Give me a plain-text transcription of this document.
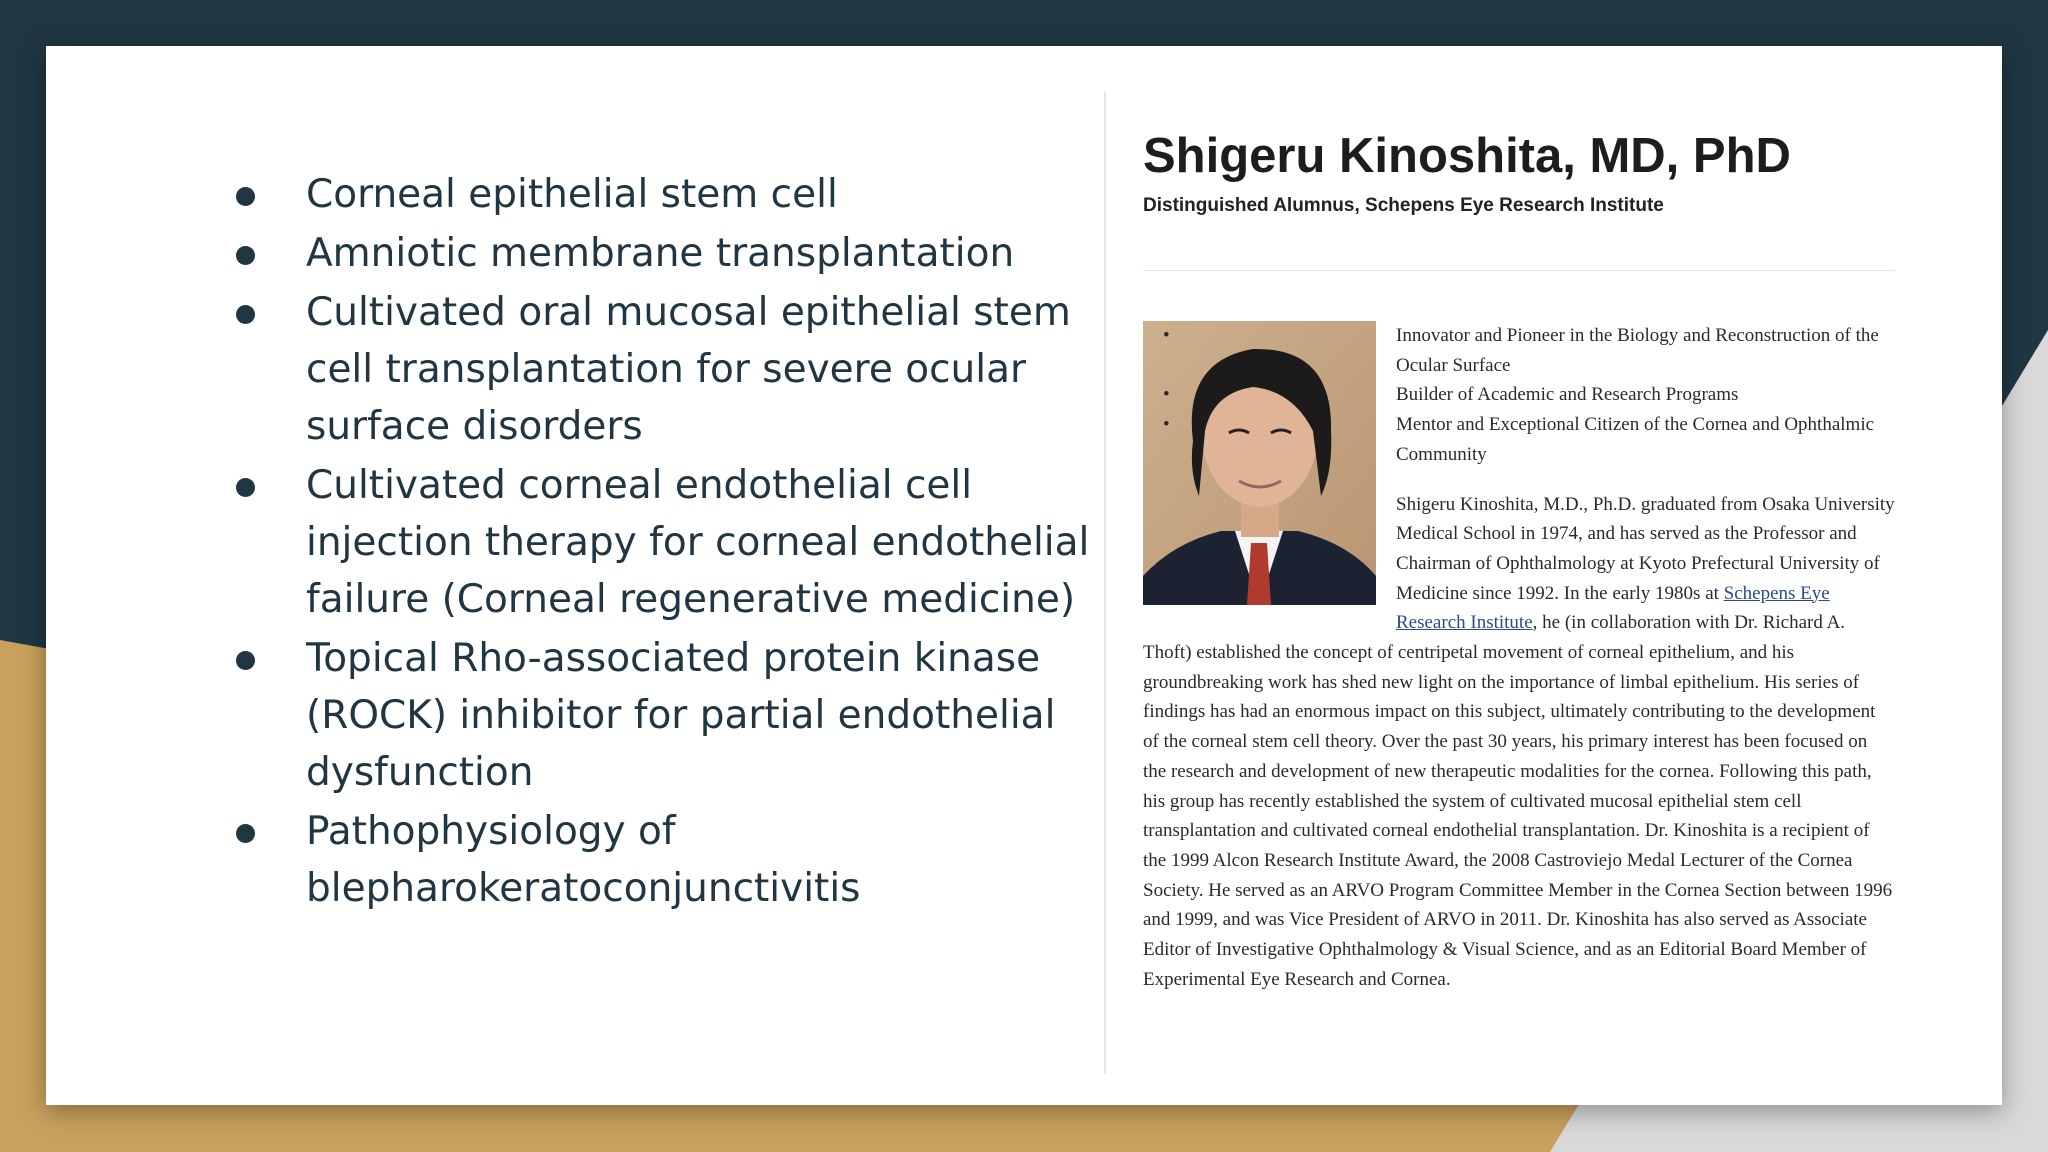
Corneal epithelial stem cell
Amniotic membrane transplantation
Cultivated oral mucosal epithelial stem cell transplantation for severe ocular surface disorders
Cultivated corneal endothelial cell injection therapy for corneal endothelial failure (Corneal regenerative medicine)
Topical Rho-associated protein kinase (ROCK) inhibitor for partial endothelial dysfunction
Pathophysiology of blepharokeratoconjunctivitis
Shigeru Kinoshita, MD, PhD
Distinguished Alumnus, Schepens Eye Research Institute
• Innovator and Pioneer in the Biology and Reconstruction of the Ocular Surface
• Builder of Academic and Research Programs
• Mentor and Exceptional Citizen of the Cornea and Ophthalmic Community

Shigeru Kinoshita, M.D., Ph.D. graduated from Osaka University Medical School in 1974, and has served as the Professor and Chairman of Ophthalmology at Kyoto Prefectural University of Medicine since 1992. In the early 1980s at Schepens Eye Research Institute, he (in collaboration with Dr. Richard A. Thoft) established the concept of centripetal movement of corneal epithelium, and his groundbreaking work has shed new light on the importance of limbal epithelium. His series of findings has had an enormous impact on this subject, ultimately contributing to the development of the corneal stem cell theory. Over the past 30 years, his primary interest has been focused on the research and development of new therapeutic modalities for the cornea. Following this path, his group has recently established the system of cultivated mucosal epithelial stem cell transplantation and cultivated corneal endothelial transplantation. Dr. Kinoshita is a recipient of the 1999 Alcon Research Institute Award, the 2008 Castroviejo Medal Lecturer of the Cornea Society. He served as an ARVO Program Committee Member in the Cornea Section between 1996 and 1999, and was Vice President of ARVO in 2011. Dr. Kinoshita has also served as Associate Editor of Investigative Ophthalmology & Visual Science, and as an Editorial Board Member of Experimental Eye Research and Cornea.
